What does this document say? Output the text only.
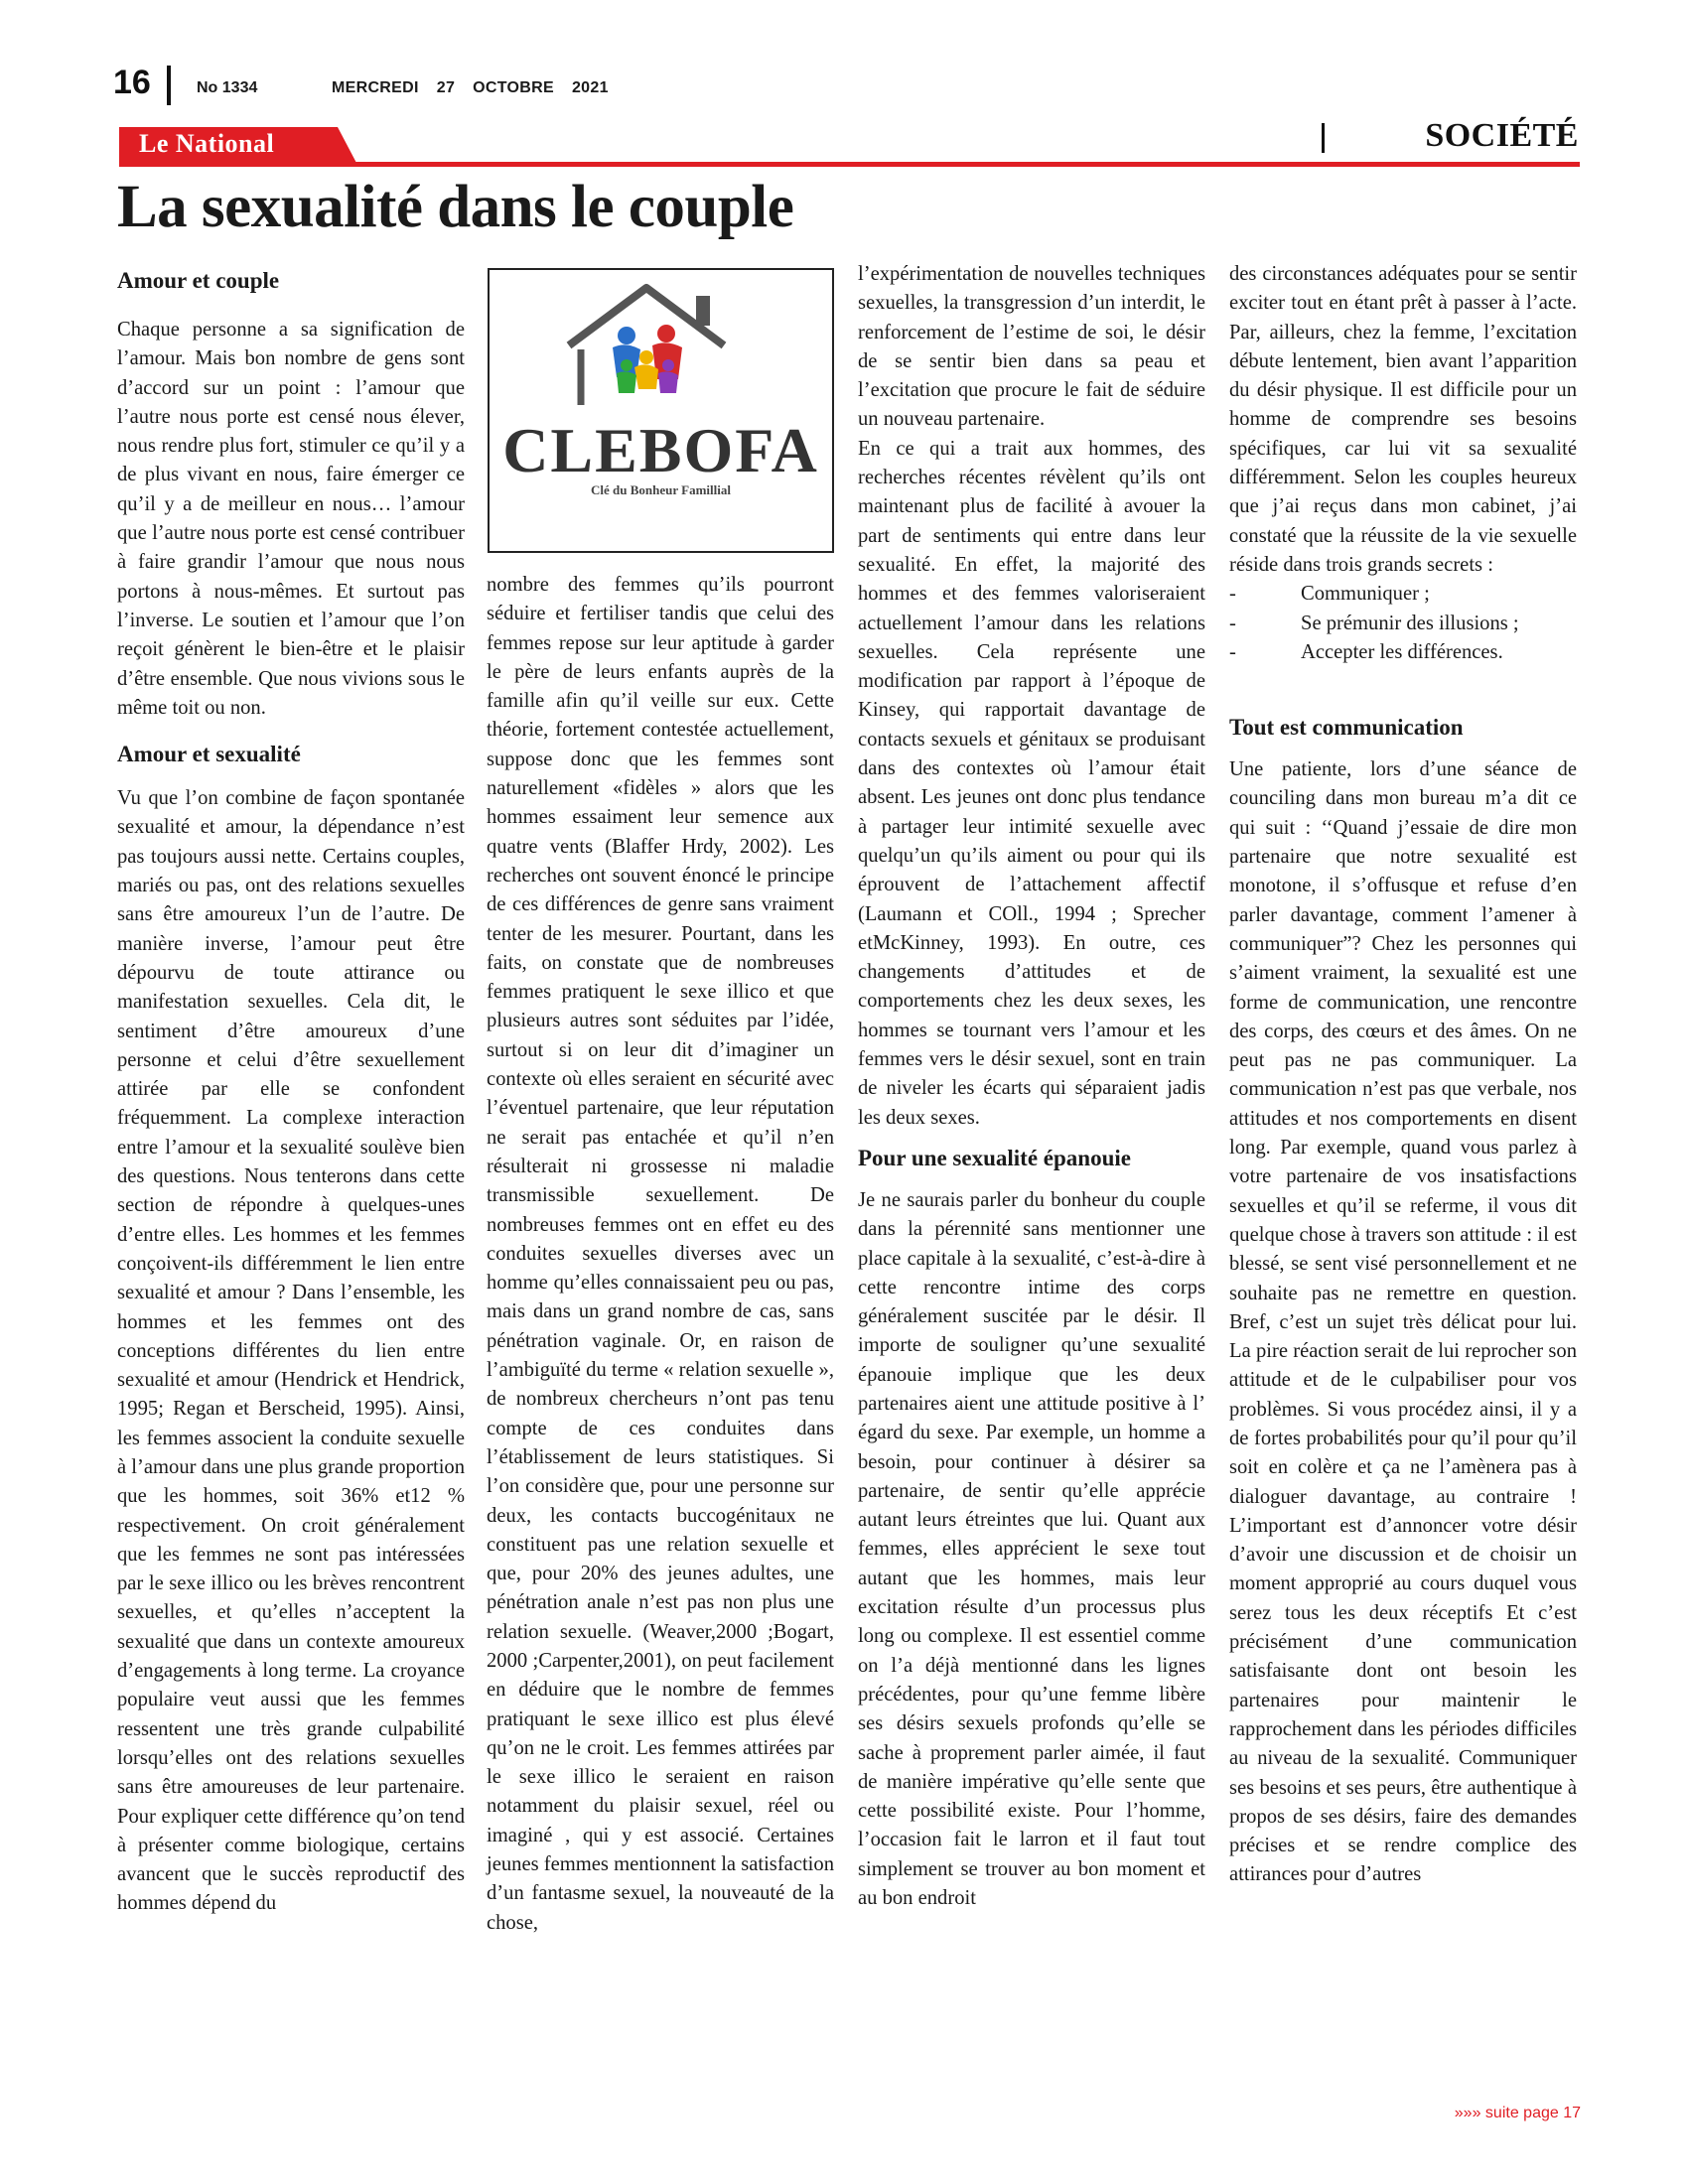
16	No 1334	MERCREDI 27 OCTOBRE 2021
Le National	SOCIÉTÉ
La sexualité dans le couple
Amour et couple

Chaque personne a sa signification de l’amour. Mais bon nombre de gens sont d’accord sur un point : l’amour que l’autre nous porte est censé nous élever, nous rendre plus fort, stimuler ce qu’il y a de plus vivant en nous, faire émerger ce qu’il y a de meilleur en nous… l’amour que l’autre nous porte est censé contribuer à faire grandir l’amour que nous nous portons à nous-mêmes. Et surtout pas l’inverse. Le soutien et l’amour que l’on reçoit génèrent le bien-être et le plaisir d’être ensemble. Que nous vivions sous le même toit ou non.

Amour et sexualité

Vu que l’on combine de façon spontanée sexualité et amour, la dépendance n’est pas toujours aussi nette. Certains couples, mariés ou pas, ont des relations sexuelles sans être amoureux l’un de l’autre. De manière inverse, l’amour peut être dépourvu de toute attirance ou manifestation sexuelles. Cela dit, le sentiment d’être amoureux d’une personne et celui d’être sexuellement attirée par elle se confondent fréquemment. La complexe interaction entre l’amour et la sexualité soulève bien des questions. Nous tenterons dans cette section de répondre à quelques-unes d’entre elles. Les hommes et les femmes conçoivent-ils différemment le lien entre sexualité et amour ? Dans l’ensemble, les hommes et les femmes ont des conceptions différentes du lien entre sexualité et amour (Hendrick et Hendrick, 1995; Regan et Berscheid, 1995). Ainsi, les femmes associent la conduite sexuelle à l’amour dans une plus grande proportion que les hommes, soit 36% et12 % respectivement. On croit généralement que les femmes ne sont pas intéressées par le sexe illico ou les brèves rencontrent sexuelles, et qu’elles n’acceptent la sexualité que dans un contexte amoureux d’engagements à long terme. La croyance populaire veut aussi que les femmes ressentent une très grande culpabilité lorsqu’elles ont des relations sexuelles sans être amoureuses de leur partenaire. Pour expliquer cette différence qu’on tend à présenter comme biologique, certains avancent que le succès reproductif des hommes dépend du

CLEBOFA
Clé du Bonheur Famillial

nombre des femmes qu’ils pourront séduire et fertiliser tandis que celui des femmes repose sur leur aptitude à garder le père de leurs enfants auprès de la famille afin qu’il veille sur eux. Cette théorie, fortement contestée actuellement, suppose donc que les femmes sont naturellement «fidèles » alors que les hommes essaiment leur semence aux quatre vents (Blaffer Hrdy, 2002). Les recherches ont souvent énoncé le principe de ces différences de genre sans vraiment tenter de les mesurer. Pourtant, dans les faits, on constate que de nombreuses femmes pratiquent le sexe illico et que plusieurs autres sont séduites par l’idée, surtout si on leur dit d’imaginer un contexte où elles seraient en sécurité avec l’éventuel partenaire, que leur réputation ne serait pas entachée et qu’il n’en résulterait ni grossesse ni maladie transmissible sexuellement. De nombreuses femmes ont en effet eu des conduites sexuelles diverses avec un homme qu’elles connaissaient peu ou pas, mais dans un grand nombre de cas, sans pénétration vaginale. Or, en raison de l’ambiguïté du terme « relation sexuelle », de nombreux chercheurs n’ont pas tenu compte de ces conduites dans l’établissement de leurs statistiques. Si l’on considère que, pour une personne sur deux, les contacts buccogénitaux ne constituent pas une relation sexuelle et que, pour 20% des jeunes adultes, une pénétration anale n’est pas non plus une relation sexuelle. (Weaver,2000 ;Bogart, 2000 ;Carpenter,2001), on peut facilement en déduire que le nombre de femmes pratiquant le sexe illico est plus élevé qu’on ne le croit. Les femmes attirées par le sexe illico le seraient en raison notamment du plaisir sexuel, réel ou imaginé , qui y est associé. Certaines jeunes femmes mentionnent la satisfaction d’un fantasme sexuel, la nouveauté de la chose,

l’expérimentation de nouvelles techniques sexuelles, la transgression d’un interdit, le renforcement de l’estime de soi, le désir de se sentir bien dans sa peau et l’excitation que procure le fait de séduire un nouveau partenaire.

En ce qui a trait aux hommes, des recherches récentes révèlent qu’ils ont maintenant plus de facilité à avouer la part de sentiments qui entre dans leur sexualité. En effet, la majorité des hommes et des femmes valoriseraient actuellement l’amour dans les relations sexuelles. Cela représente une modification par rapport à l’époque de Kinsey, qui rapportait davantage de contacts sexuels et génitaux se produisant dans des contextes où l’amour était absent. Les jeunes ont donc plus tendance à partager leur intimité sexuelle avec quelqu’un qu’ils aiment ou pour qui ils éprouvent de l’attachement affectif (Laumann et COll., 1994 ; Sprecher etMcKinney, 1993). En outre, ces changements d’attitudes et de comportements chez les deux sexes, les hommes se tournant vers l’amour et les femmes vers le désir sexuel, sont en train de niveler les écarts qui séparaient jadis les deux sexes.

Pour une sexualité épanouie

Je ne saurais parler du bonheur du couple dans la pérennité sans mentionner une place capitale à la sexualité, c’est-à-dire à cette rencontre intime des corps généralement suscitée par le désir. Il importe de souligner qu’une sexualité épanouie implique que les deux partenaires aient une attitude positive à l’ égard du sexe. Par exemple, un homme a besoin, pour continuer à désirer sa partenaire, de sentir qu’elle apprécie autant leurs étreintes que lui. Quant aux femmes, elles apprécient le sexe tout autant que les hommes, mais leur excitation résulte d’un processus plus long ou complexe. Il est essentiel comme on l’a déjà mentionné dans les lignes précédentes, pour qu’une femme libère ses désirs sexuels profonds qu’elle se sache à proprement parler aimée, il faut de manière impérative qu’elle sente que cette possibilité existe. Pour l’homme, l’occasion fait le larron et il faut tout simplement se trouver au bon moment et au bon endroit

des circonstances adéquates pour se sentir exciter tout en étant prêt à passer à l’acte. Par, ailleurs, chez la femme, l’excitation débute lentement, bien avant l’apparition du désir physique. Il est difficile pour un homme de comprendre ses besoins spécifiques, car lui vit sa sexualité différemment. Selon les couples heureux que j’ai reçus dans mon cabinet, j’ai constaté que la réussite de la vie sexuelle réside dans trois grands secrets :

-	Communiquer ;
-	Se prémunir des illusions ;
-	Accepter les différences.
Tout est communication

Une patiente, lors d’une séance de counciling dans mon bureau m’a dit ce qui suit : ‘‘Quand j’essaie de dire mon partenaire que notre sexualité est monotone, il s’offusque et refuse d’en parler davantage, comment l’amener à communiquer”? Chez les personnes qui s’aiment vraiment, la sexualité est une forme de communication, une rencontre des corps, des cœurs et des âmes. On ne peut pas ne pas communiquer. La communication n’est pas que verbale, nos attitudes et nos comportements en disent long. Par exemple, quand vous parlez à votre partenaire de vos insatisfactions sexuelles et qu’il se referme, il vous dit quelque chose à travers son attitude : il est blessé, se sent visé personnellement et ne souhaite pas ne remettre en question. Bref, c’est un sujet très délicat pour lui. La pire réaction serait de lui reprocher son attitude et de le culpabiliser pour vos problèmes. Si vous procédez ainsi, il y a de fortes probabilités pour qu’il pour qu’il soit en colère et ça ne l’amènera pas à dialoguer davantage, au contraire ! L’important est d’annoncer votre désir d’avoir une discussion et de choisir un moment approprié au cours duquel vous serez tous les deux réceptifs Et c’est précisément d’une communication satisfaisante dont ont besoin les partenaires pour maintenir le rapprochement dans les périodes difficiles au niveau de la sexualité. Communiquer ses besoins et ses peurs, être authentique à propos de ses désirs, faire des demandes précises et se rendre complice des attirances pour d’autres

»»» suite page 17
